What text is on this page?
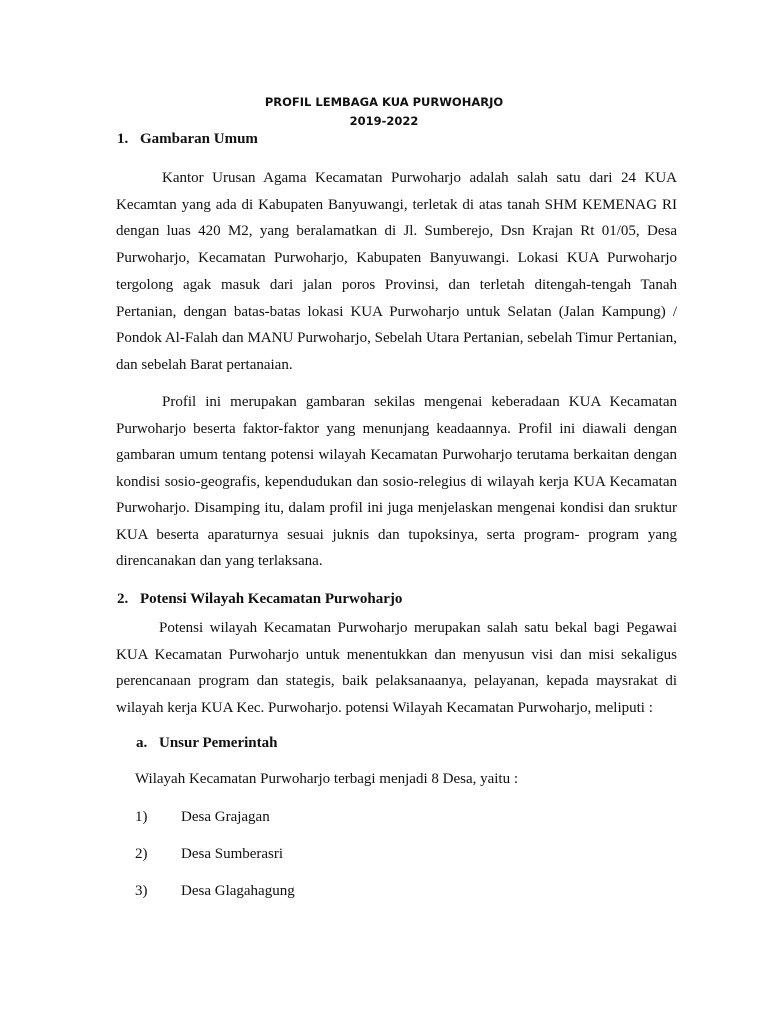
PROFIL LEMBAGA KUA PURWOHARJO
2019-2022
1. Gambaran Umum

Kantor Urusan Agama Kecamatan Purwoharjo adalah salah satu dari 24 KUA Kecamtan yang ada di Kabupaten Banyuwangi, terletak di atas tanah SHM KEMENAG RI dengan luas 420 M2, yang beralamatkan di Jl. Sumberejo, Dsn Krajan Rt 01/05, Desa Purwoharjo, Kecamatan Purwoharjo, Kabupaten Banyuwangi. Lokasi KUA Purwoharjo tergolong agak masuk dari jalan poros Provinsi, dan terletah ditengah-tengah Tanah Pertanian, dengan batas-batas lokasi KUA Purwoharjo untuk Selatan (Jalan Kampung) / Pondok Al-Falah dan MANU Purwoharjo, Sebelah Utara Pertanian, sebelah Timur Pertanian, dan sebelah Barat pertanaian.

Profil ini merupakan gambaran sekilas mengenai keberadaan KUA Kecamatan Purwoharjo beserta faktor-faktor yang menunjang keadaannya. Profil ini diawali dengan gambaran umum tentang potensi wilayah Kecamatan Purwoharjo terutama berkaitan dengan kondisi sosio-geografis, kependudukan dan sosio-relegius di wilayah kerja KUA Kecamatan Purwoharjo. Disamping itu, dalam profil ini juga menjelaskan mengenai kondisi dan sruktur KUA beserta aparaturnya sesuai juknis dan tupoksinya, serta program- program yang direncanakan dan yang terlaksana.

2. Potensi Wilayah Kecamatan Purwoharjo

Potensi wilayah Kecamatan Purwoharjo merupakan salah satu bekal bagi Pegawai KUA Kecamatan Purwoharjo untuk menentukkan dan menyusun visi dan misi sekaligus perencanaan program dan stategis, baik pelaksanaanya, pelayanan, kepada maysrakat di wilayah kerja KUA Kec. Purwoharjo. potensi Wilayah Kecamatan Purwoharjo, meliputi :

a. Unsur Pemerintah
Wilayah Kecamatan Purwoharjo terbagi menjadi 8 Desa, yaitu :
1) Desa Grajagan
2) Desa Sumberasri
3) Desa Glagahagung
